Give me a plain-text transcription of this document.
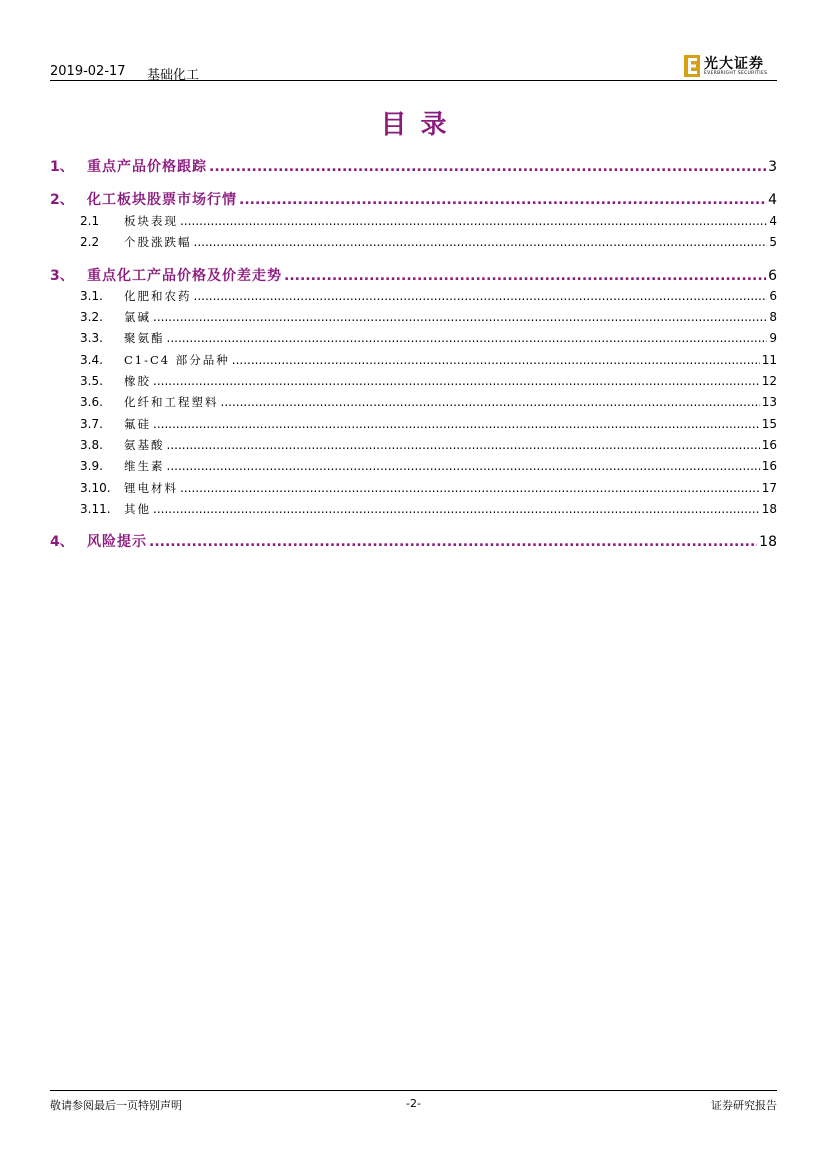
2019-02-17 基础化工
光大证券
EVERBRIGHT SECURITIES
目录
1、 重点产品价格跟踪 .....	3
2、 化工板块股票市场行情 .....	4
2.1	板块表现 .....	4
2.2	个股涨跌幅 .....	5
3、 重点化工产品价格及价差走势 .....	6
3.1.	化肥和农药 .....	6
3.2.	氯碱 .....	8
3.3.	聚氨酯 .....	9
3.4.	C1-C4 部分品种 .....	11
3.5.	橡胶 .....	12
3.6.	化纤和工程塑料 .....	13
3.7.	氟硅 .....	15
3.8.	氨基酸 .....	16
3.9.	维生素 .....	16
3.10.	锂电材料 .....	17
3.11.	其他 .....	18
4、 风险提示 .....	18
敬请参阅最后一页特别声明	-2-	证券研究报告
